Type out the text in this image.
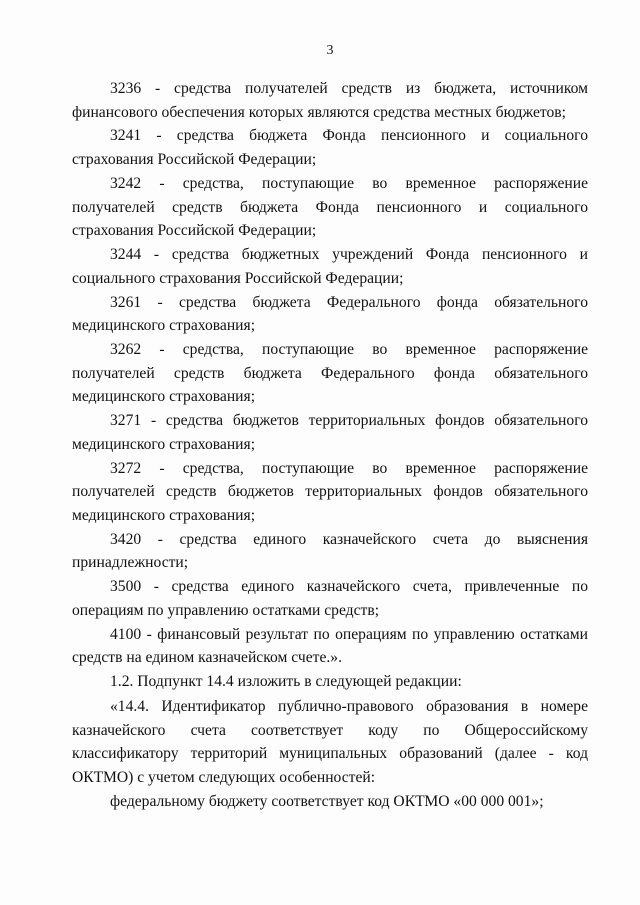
3

3236 - средства получателей средств из бюджета, источником финансового обеспечения которых являются средства местных бюджетов;

3241 - средства бюджета Фонда пенсионного и социального страхования Российской Федерации;

3242 - средства, поступающие во временное распоряжение получателей средств бюджета Фонда пенсионного и социального страхования Российской Федерации;

3244 - средства бюджетных учреждений Фонда пенсионного и социального страхования Российской Федерации;

3261 - средства бюджета Федерального фонда обязательного медицинского страхования;

3262 - средства, поступающие во временное распоряжение получателей средств бюджета Федерального фонда обязательного медицинского страхования;

3271 - средства бюджетов территориальных фондов обязательного медицинского страхования;

3272 - средства, поступающие во временное распоряжение получателей средств бюджетов территориальных фондов обязательного медицинского страхования;

3420 - средства единого казначейского счета до выяснения принадлежности;

3500 - средства единого казначейского счета, привлеченные по операциям по управлению остатками средств;

4100 - финансовый результат по операциям по управлению остатками средств на едином казначейском счете.».

1.2. Подпункт 14.4 изложить в следующей редакции:

«14.4. Идентификатор публично-правового образования в номере казначейского счета соответствует коду по Общероссийскому классификатору территорий муниципальных образований (далее - код ОКТМО) с учетом следующих особенностей:

федеральному бюджету соответствует код ОКТМО «00 000 001»;
